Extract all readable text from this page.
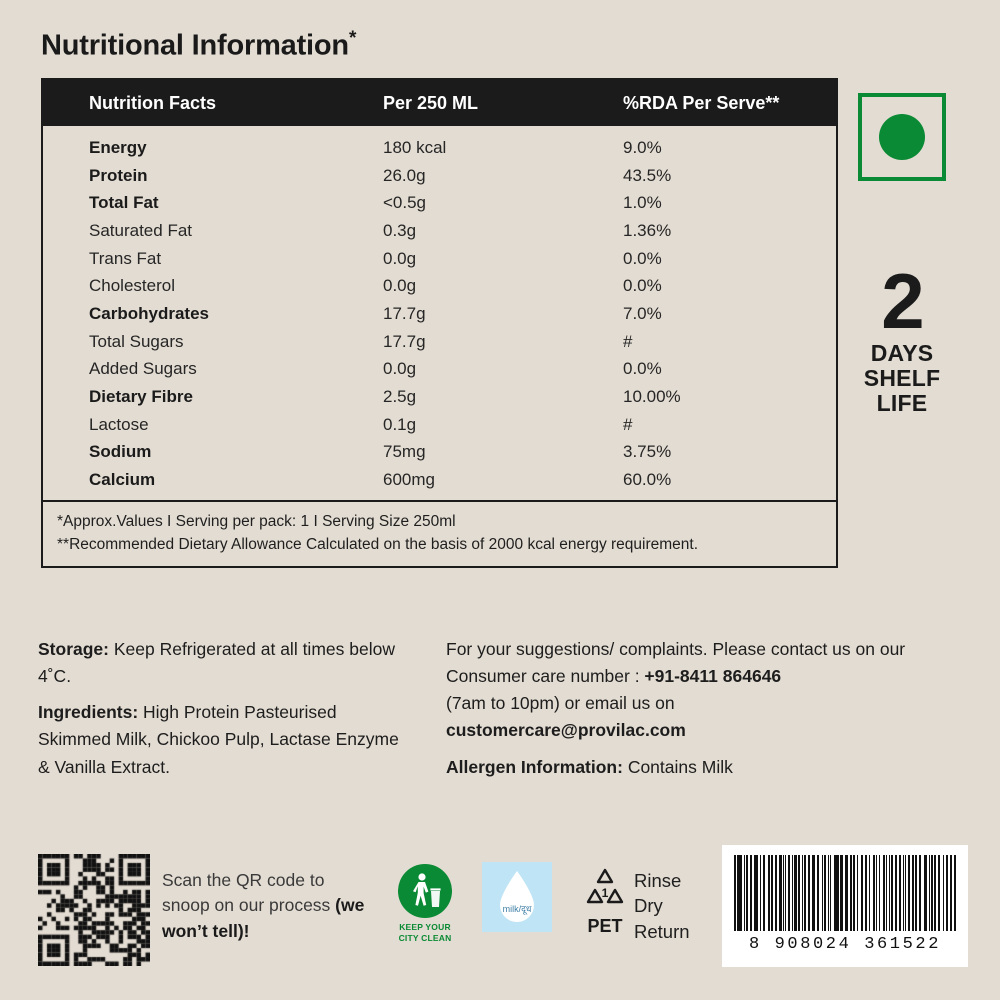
Nutritional Information*
Nutrition Facts	Per 250 ML	%RDA Per Serve**
Energy	180 kcal	9.0%
Protein	26.0g	43.5%
Total Fat	<0.5g	1.0%
Saturated Fat	0.3g	1.36%
Trans Fat	0.0g	0.0%
Cholesterol	0.0g	0.0%
Carbohydrates	17.7g	7.0%
Total Sugars	17.7g	#
Added Sugars	0.0g	0.0%
Dietary Fibre	2.5g	10.00%
Lactose	0.1g	#
Sodium	75mg	3.75%
Calcium	600mg	60.0%
*Approx.Values I Serving per pack: 1 I Serving Size 250ml
**Recommended Dietary Allowance Calculated on the basis of 2000 kcal energy requirement.
2
DAYS
SHELF
LIFE

Storage: Keep Refrigerated at all times below 4˚C.

Ingredients: High Protein Pasteurised Skimmed Milk, Chickoo Pulp, Lactase Enzyme & Vanilla Extract.

For your suggestions/ complaints. Please contact us on our Consumer care number : +91-8411 864646
(7am to 10pm) or email us on
customercare@provilac.com

Allergen Information: Contains Milk

Scan the QR code to
snoop on our process (we won’t tell)!	KEEP YOUR
CITY CLEAN
milk/दूध
1
PET
Rinse
Dry
Return
8 908024 361522
